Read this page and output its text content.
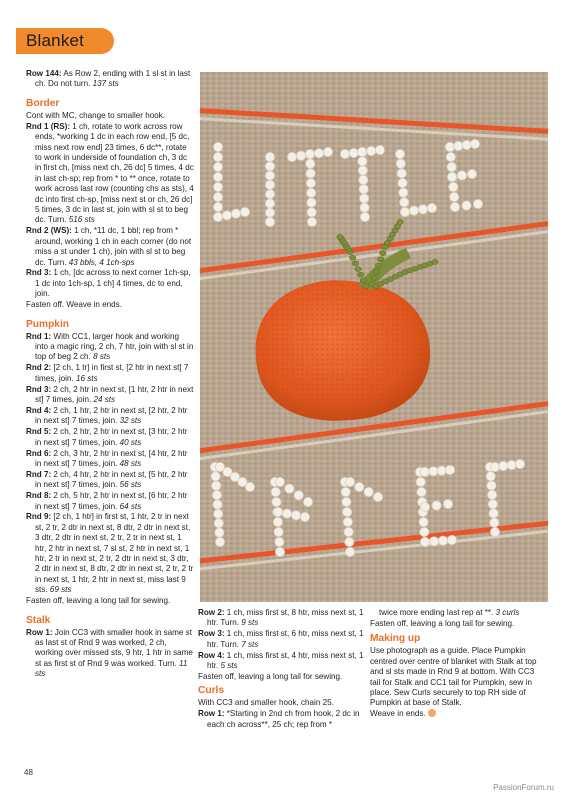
Blanket

Row 144: As Row 2, ending with 1 sl st in last ch. Do not turn. 137 sts

Border

Cont with MC, change to smaller hook.

Rnd 1 (RS): 1 ch, rotate to work across row ends, *working 1 dc in each row end, [5 dc, miss next row end] 23 times, 6 dc**, rotate to work in underside of foundation ch, 3 dc in first ch, [miss next ch, 26 dc] 5 times, 4 dc in last ch-sp; rep from * to ** once, rotate to work across last row (counting chs as sts), 4 dc into first ch-sp, [miss next st or ch, 26 dc] 5 times, 3 dc in last st, join with sl st to beg dc. Turn. 516 sts

Rnd 2 (WS): 1 ch, *11 dc, 1 bbl; rep from * around, working 1 ch in each corner (do not miss a st under 1 ch), join with sl st to beg dc. Turn. 43 bbls, 4 1ch-sps

Rnd 3: 1 ch, [dc across to next corner 1ch-sp, 1 dc into 1ch-sp, 1 ch] 4 times, dc to end, join.

Fasten off. Weave in ends.

Pumpkin

Rnd 1: With CC1, larger hook and working into a magic ring, 2 ch, 7 htr, join with sl st in top of beg 2 ch. 8 sts

Rnd 2: [2 ch, 1 tr] in first st, [2 htr in next st] 7 times, join. 16 sts

Rnd 3: 2 ch, 2 htr in next st, [1 htr, 2 htr in next st] 7 times, join. 24 sts

Rnd 4: 2 ch, 1 htr, 2 htr in next st, [2 htr, 2 htr in next st] 7 times, join. 32 sts

Rnd 5: 2 ch, 2 htr, 2 htr in next st, [3 htr, 2 htr in next st] 7 times, join. 40 sts

Rnd 6: 2 ch, 3 htr, 2 htr in next st, [4 htr, 2 htr in next st] 7 times, join. 48 sts

Rnd 7: 2 ch, 4 htr, 2 htr in next st, [5 htr, 2 htr in next st] 7 times, join. 56 sts

Rnd 8: 2 ch, 5 htr, 2 htr in next st, [6 htr, 2 htr in next st] 7 times, join. 64 sts

Rnd 9: [2 ch, 1 htr] in first st, 1 htr, 2 tr in next st, 2 tr, 2 dtr in next st, 8 dtr, 2 dtr in next st, 3 dtr, 2 dtr in next st, 2 tr, 2 tr in next st, 1 htr, 2 htr in next st, 7 sl st, 2 htr in next st, 1 htr, 2 tr in next st, 2 tr, 2 dtr in next st, 3 dtr, 2 dtr in next st, 8 dtr, 2 dtr in next st, 2 tr, 2 tr in next st, 1 htr, 2 htr in next st, miss last 9 sts. 69 sts

Fasten off, leaving a long tail for sewing.

Stalk

Row 1: Join CC3 with smaller hook in same st as last st of Rnd 9 was worked, 2 ch, working over missed sts, 9 htr, 1 htr in same st as first st of Rnd 9 was worked. Turn. 11 sts

Row 2: 1 ch, miss first st, 8 htr, miss next st, 1 htr. Turn. 9 sts

Row 3: 1 ch, miss first st, 6 htr, miss next st, 1 htr. Turn. 7 sts

Row 4: 1 ch, miss first st, 4 htr, miss next st, 1 htr. 5 sts

Fasten off, leaving a long tail for sewing.

Curls

With CC3 and smaller hook, chain 25.

Row 1: *Starting in 2nd ch from hook, 2 dc in each ch across**, 25 ch; rep from *

twice more ending last rep at **. 3 curls

Fasten off, leaving a long tail for sewing.

Making up

Use photograph as a guide. Place Pumpkin centred over centre of blanket with Stalk at top and sl sts made in Rnd 9 at bottom. With CC3 tail for Stalk and CC1 tail for Pumpkin, sew in place. Sew Curls securely to top RH side of Pumpkin at base of Stalk.

Weave in ends.

48
PassionForum.ru
